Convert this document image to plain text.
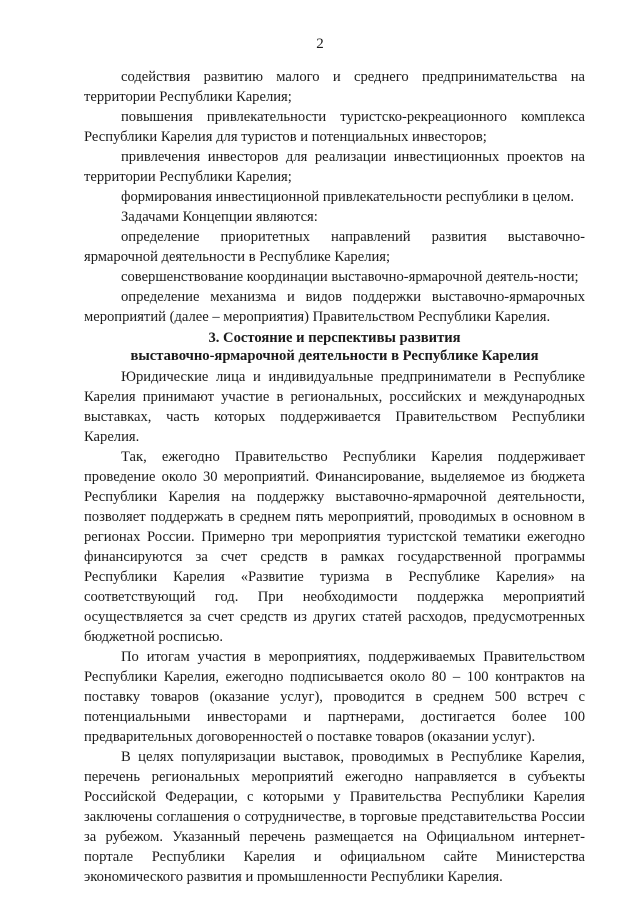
2

содействия развитию малого и среднего предпринимательства на территории Республики Карелия;

повышения привлекательности туристско-рекреационного комплекса Республики Карелия для туристов и потенциальных инвесторов;

привлечения инвесторов для реализации инвестиционных проектов на территории Республики Карелия;

формирования инвестиционной привлекательности республики в целом.

Задачами Концепции являются:

определение приоритетных направлений развития выставочно-ярмарочной деятельности в Республике Карелия;

совершенствование координации выставочно-ярмарочной деятель-ности;

определение механизма и видов поддержки выставочно-ярмарочных мероприятий (далее – мероприятия) Правительством Республики Карелия.

3. Состояние и перспективы развития
выставочно-ярмарочной деятельности в Республике Карелия

Юридические лица и индивидуальные предприниматели в Республике Карелия принимают участие в региональных, российских и международных выставках, часть которых поддерживается Правительством Республики Карелия.

Так, ежегодно Правительство Республики Карелия поддерживает проведение около 30 мероприятий. Финансирование, выделяемое из бюджета Республики Карелия на поддержку выставочно-ярмарочной деятельности, позволяет поддержать в среднем пять мероприятий, проводимых в основном в регионах России. Примерно три мероприятия туристской тематики ежегодно финансируются за счет средств в рамках государственной программы Республики Карелия «Развитие туризма в Республике Карелия» на соответствующий год. При необходимости поддержка мероприятий осуществляется за счет средств из других статей расходов, предусмотренных бюджетной росписью.

По итогам участия в мероприятиях, поддерживаемых Правительством Республики Карелия, ежегодно подписывается около 80 – 100 контрактов на поставку товаров (оказание услуг), проводится в среднем 500 встреч с потенциальными инвесторами и партнерами, достигается более 100 предварительных договоренностей о поставке товаров (оказании услуг).

В целях популяризации выставок, проводимых в Республике Карелия, перечень региональных мероприятий ежегодно направляется в субъекты Российской Федерации, с которыми у Правительства Республики Карелия заключены соглашения о сотрудничестве, в торговые представительства России за рубежом. Указанный перечень размещается на Официальном интернет-портале Республики Карелия и официальном сайте Министерства экономического развития и промышленности Республики Карелия.
